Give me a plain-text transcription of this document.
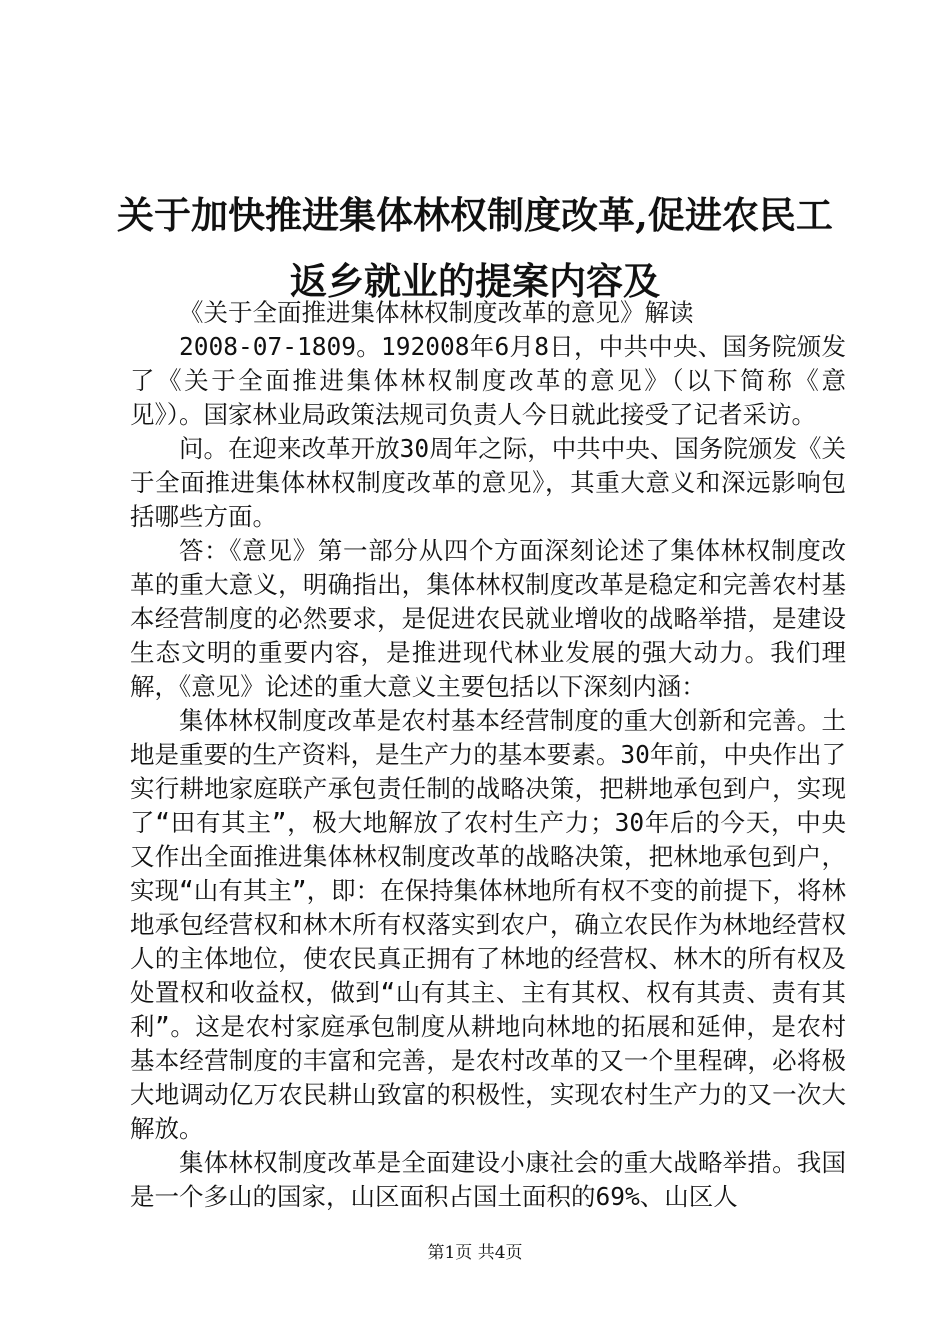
关于加快推进集体林权制度改革,促进农民工
返乡就业的提案内容及

《关于全面推进集体林权制度改革的意见》解读

2008-07-1809。192008年6月8日，中共中央、国务院颁发了《关于全面推进集体林权制度改革的意见》（以下简称《意见》）。国家林业局政策法规司负责人今日就此接受了记者采访。

问。在迎来改革开放30周年之际，中共中央、国务院颁发《关于全面推进集体林权制度改革的意见》，其重大意义和深远影响包括哪些方面。

答：《意见》第一部分从四个方面深刻论述了集体林权制度改革的重大意义，明确指出，集体林权制度改革是稳定和完善农村基本经营制度的必然要求，是促进农民就业增收的战略举措，是建设生态文明的重要内容，是推进现代林业发展的强大动力。我们理解，《意见》论述的重大意义主要包括以下深刻内涵：

集体林权制度改革是农村基本经营制度的重大创新和完善。土地是重要的生产资料，是生产力的基本要素。30年前，中央作出了实行耕地家庭联产承包责任制的战略决策，把耕地承包到户，实现了“田有其主”，极大地解放了农村生产力；30年后的今天，中央又作出全面推进集体林权制度改革的战略决策，把林地承包到户，实现“山有其主”，即：在保持集体林地所有权不变的前提下，将林地承包经营权和林木所有权落实到农户，确立农民作为林地经营权人的主体地位，使农民真正拥有了林地的经营权、林木的所有权及处置权和收益权，做到“山有其主、主有其权、权有其责、责有其利”。这是农村家庭承包制度从耕地向林地的拓展和延伸，是农村基本经营制度的丰富和完善，是农村改革的又一个里程碑，必将极大地调动亿万农民耕山致富的积极性，实现农村生产力的又一次大解放。

集体林权制度改革是全面建设小康社会的重大战略举措。我国是一个多山的国家，山区面积占国土面积的69%、山区人

第1页 共4页
